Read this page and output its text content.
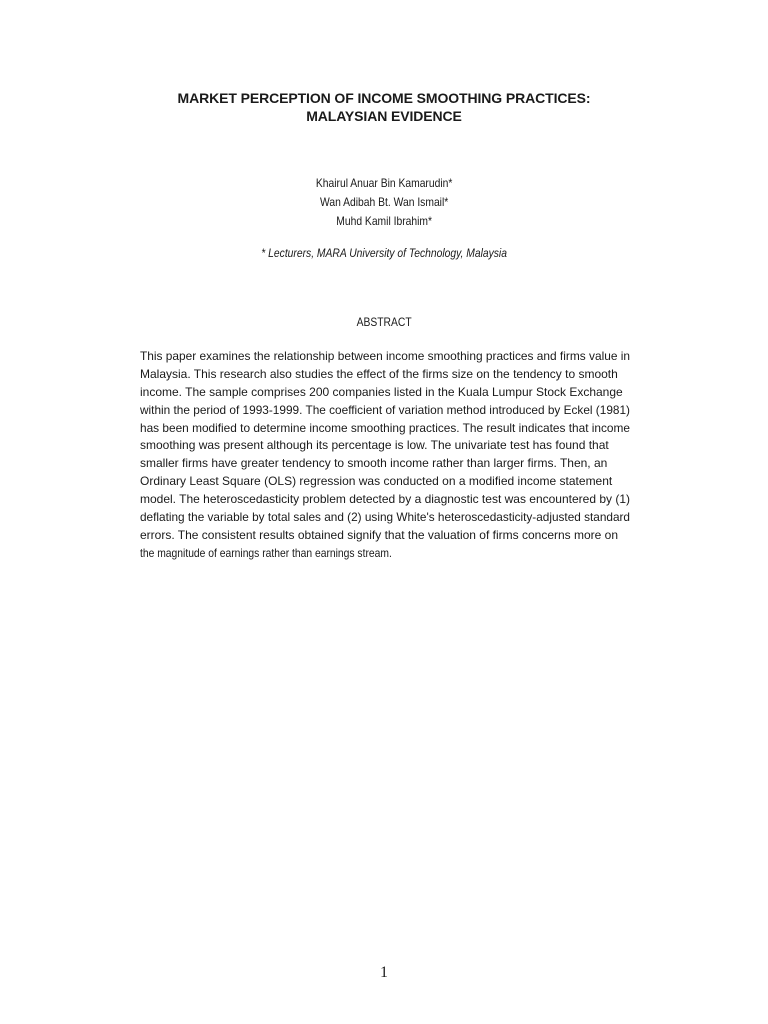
MARKET PERCEPTION OF INCOME SMOOTHING PRACTICES:
MALAYSIAN EVIDENCE
Khairul Anuar Bin Kamarudin*
Wan Adibah Bt. Wan Ismail*
Muhd Kamil Ibrahim*
* Lecturers, MARA University of Technology, Malaysia
ABSTRACT
This paper examines the relationship between income smoothing practices and firms value in
Malaysia. This research also studies the effect of the firms size on the tendency to smooth
income. The sample comprises 200 companies listed in the Kuala Lumpur Stock Exchange
within the period of 1993-1999. The coefficient of variation method introduced by Eckel (1981)
has been modified to determine income smoothing practices. The result indicates that income
smoothing was present although its percentage is low. The univariate test has found that
smaller firms have greater tendency to smooth income rather than larger firms. Then, an
Ordinary Least Square (OLS) regression was conducted on a modified income statement
model. The heteroscedasticity problem detected by a diagnostic test was encountered by (1)
deflating the variable by total sales and (2) using White's heteroscedasticity-adjusted standard
errors. The consistent results obtained signify that the valuation of firms concerns more on
the magnitude of earnings rather than earnings stream.
1
